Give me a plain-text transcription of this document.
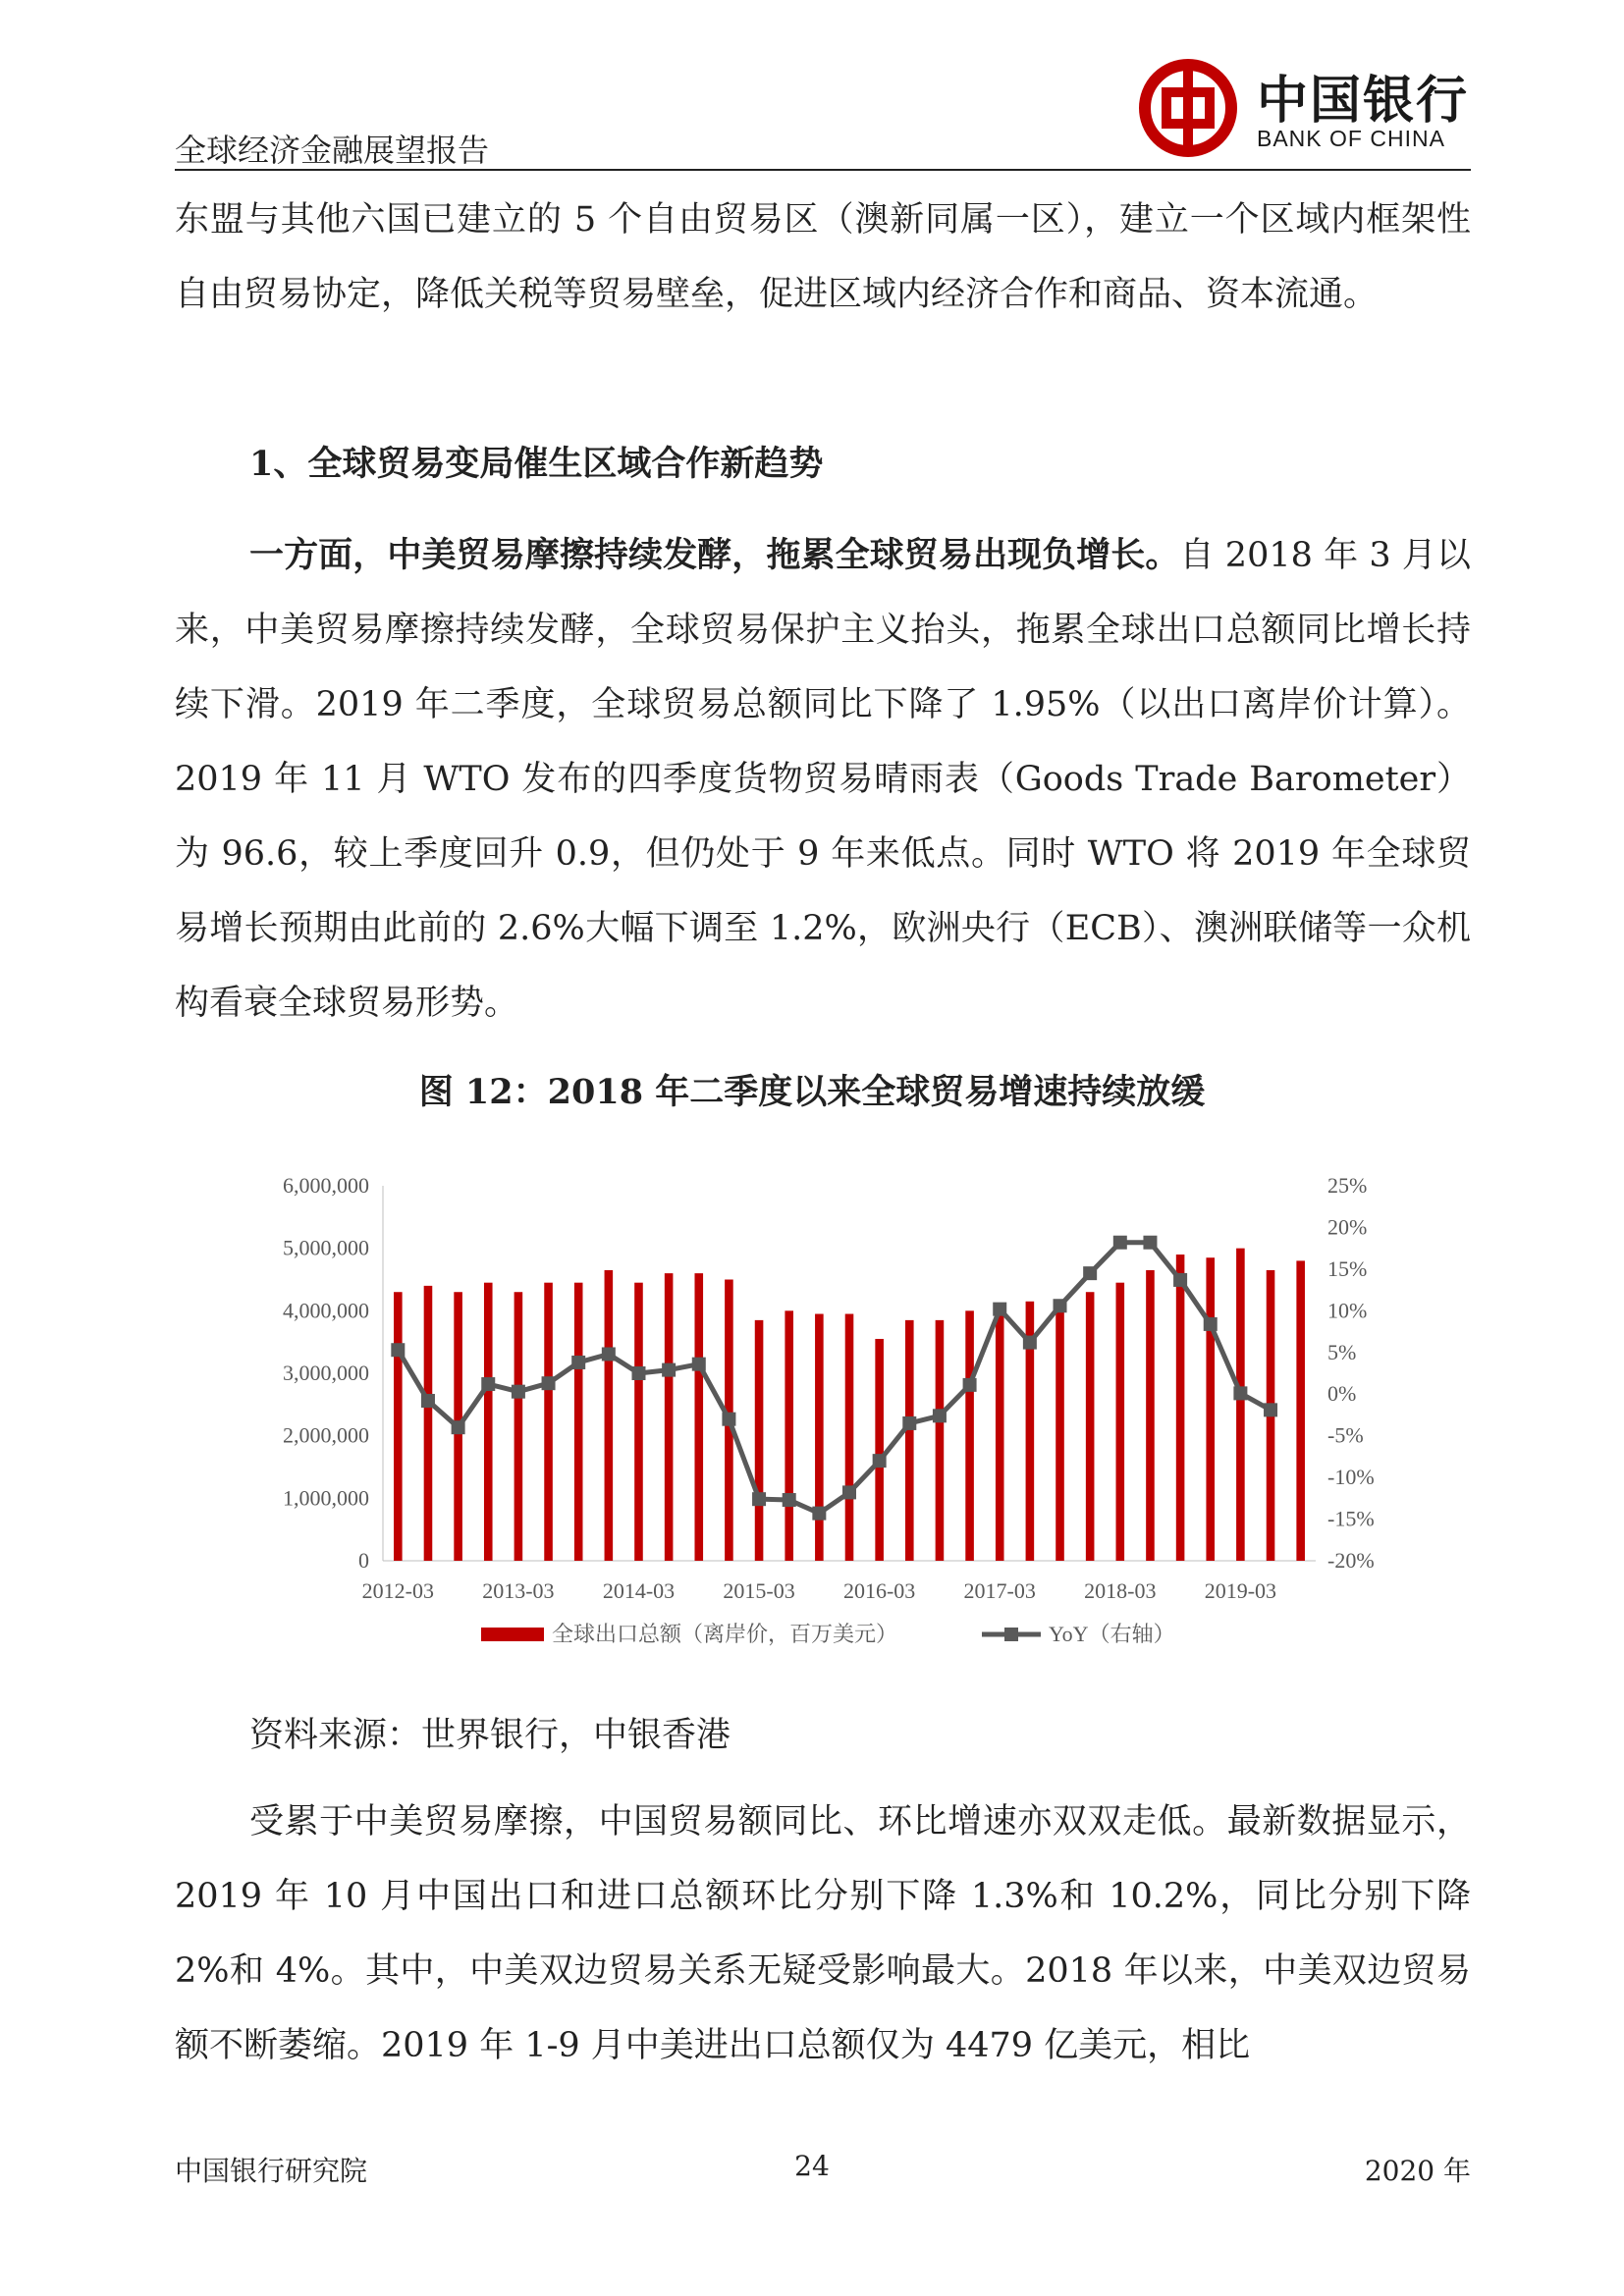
全球经济金融展望报告
中国银行
BANK OF CHINA

东盟与其他六国已建立的 5 个自由贸易区（澳新同属一区），建立一个区域内框架性自由贸易协定，降低关税等贸易壁垒，促进区域内经济合作和商品、资本流通。

1、全球贸易变局催生区域合作新趋势

一方面，中美贸易摩擦持续发酵，拖累全球贸易出现负增长。自 2018 年 3 月以来，中美贸易摩擦持续发酵，全球贸易保护主义抬头，拖累全球出口总额同比增长持续下滑。2019 年二季度，全球贸易总额同比下降了 1.95%（以出口离岸价计算）。2019 年 11 月 WTO 发布的四季度货物贸易晴雨表（Goods Trade Barometer）为 96.6，较上季度回升 0.9，但仍处于 9 年来低点。同时 WTO 将 2019 年全球贸易增长预期由此前的 2.6%大幅下调至 1.2%，欧洲央行（ECB）、澳洲联储等一众机构看衰全球贸易形势。

图 12：2018 年二季度以来全球贸易增速持续放缓
0
1,000,000
2,000,000
3,000,000
4,000,000
5,000,000
6,000,000
-20%
-15%
-10%
-5%
0%
5%
10%
15%
20%
25%
2012-03 2013-03 2014-03 2015-03 2016-03 2017-03 2018-03 2019-03
全球出口总额（离岸价，百万美元）	YoY（右轴）
资料来源：世界银行，中银香港

受累于中美贸易摩擦，中国贸易额同比、环比增速亦双双走低。最新数据显示，2019 年 10 月中国出口和进口总额环比分别下降 1.3%和 10.2%，同比分别下降 2%和 4%。其中，中美双边贸易关系无疑受影响最大。2018 年以来，中美双边贸易额不断萎缩。2019 年 1-9 月中美进出口总额仅为 4479 亿美元，相比

中国银行研究院	24	2020 年
